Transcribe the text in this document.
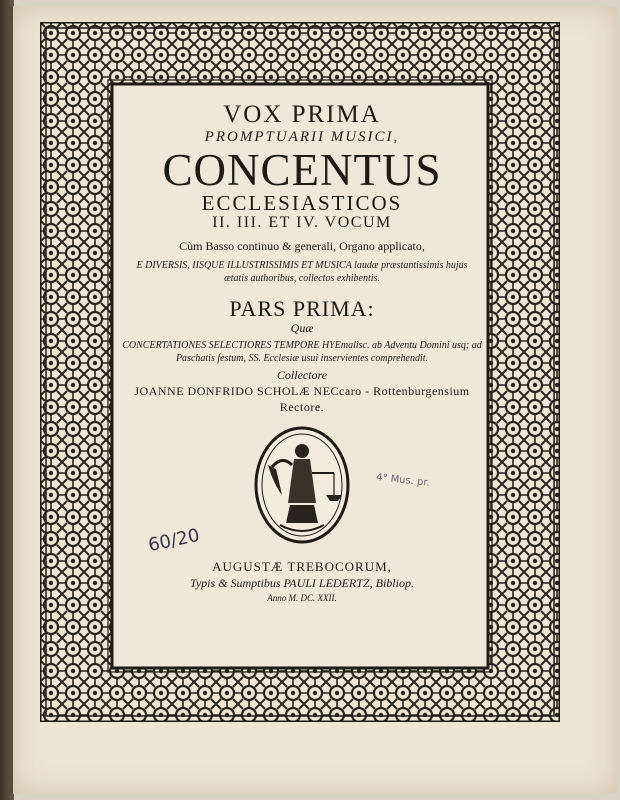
VOX PRIMA
PROMPTUARII MUSICI,
CONCENTUS
ECCLESIASTICOS
II. III. ET IV. VOCUM
Cùm Basso continuo & generali, Organo applicato,
E DIVERSIS, IISQUE ILLUSTRISSIMIS ET MUSICA laudæ præstantissimis hujus ætatis authoribus, collectos exhibentis.
PARS PRIMA:
Quæ
CONCERTATIONES SELECTIORES TEMPORE HYEmalisc. ab Adventu Domini usq; ad Paschatis festum, SS. Ecclesiæ usui inservientes comprehendit.
Collectore
JOANNE DONFRIDO SCHOLÆ NECcaro - Rottenburgensium Rectore.
AUGUSTÆ TREBOCORUM,
Typis & Sumptibus PAULI LEDERTZ, Bibliop.
Anno M. DC. XXII.
60/20
4° Mus. pr.
